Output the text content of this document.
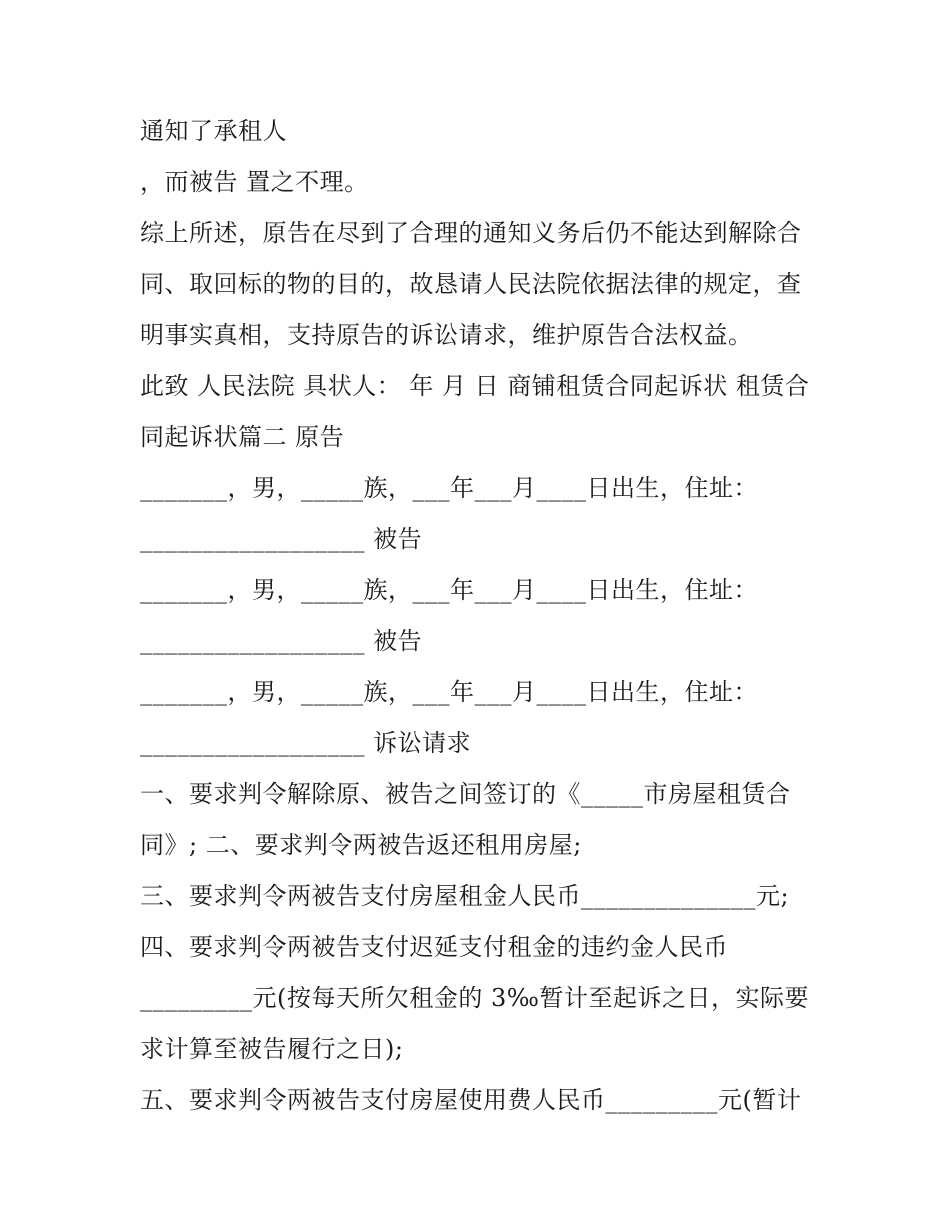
通知了承租人
，而被告 置之不理。
综上所述，原告在尽到了合理的通知义务后仍不能达到解除合
同、取回标的物的目的，故恳请人民法院依据法律的规定，查
明事实真相，支持原告的诉讼请求，维护原告合法权益。
此致 人民法院 具状人： 年 月 日 商铺租赁合同起诉状 租赁合
同起诉状篇二 原告
_______，男，_____族，___年___月____日出生，住址：
__________________ 被告
_______，男，_____族，___年___月____日出生，住址：
__________________ 被告
_______，男，_____族，___年___月____日出生，住址：
__________________ 诉讼请求
一、要求判令解除原、被告之间签订的《_____市房屋租赁合
同》; 二、要求判令两被告返还租用房屋;
三、要求判令两被告支付房屋租金人民币______________元;
四、要求判令两被告支付迟延支付租金的违约金人民币
_________元(按每天所欠租金的 3‰暂计至起诉之日，实际要
求计算至被告履行之日);
五、要求判令两被告支付房屋使用费人民币_________元(暂计
